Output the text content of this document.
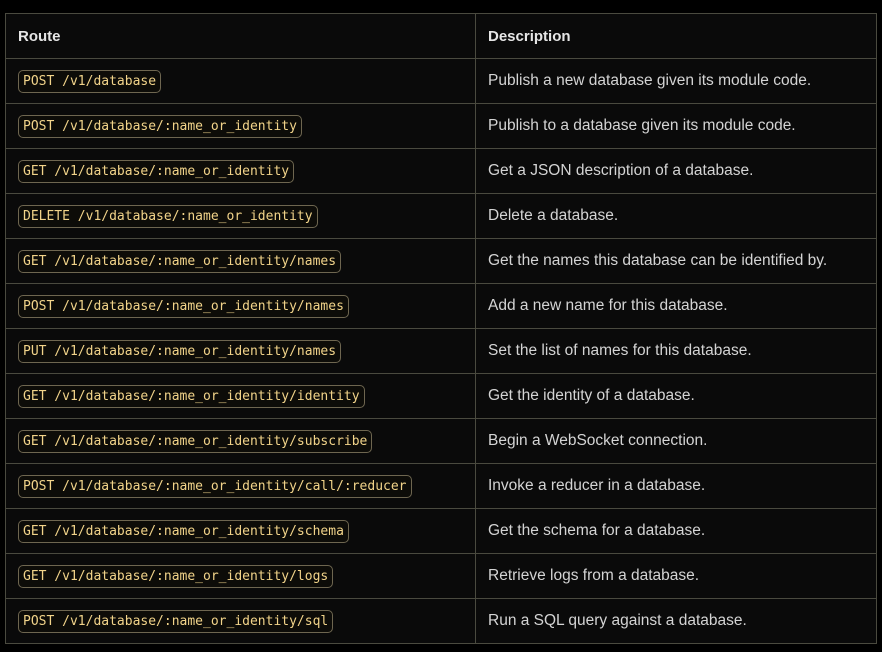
Route	Description
POST /v1/database	Publish a new database given its module code.
POST /v1/database/:name_or_identity	Publish to a database given its module code.
GET /v1/database/:name_or_identity	Get a JSON description of a database.
DELETE /v1/database/:name_or_identity	Delete a database.
GET /v1/database/:name_or_identity/names	Get the names this database can be identified by.
POST /v1/database/:name_or_identity/names	Add a new name for this database.
PUT /v1/database/:name_or_identity/names	Set the list of names for this database.
GET /v1/database/:name_or_identity/identity	Get the identity of a database.
GET /v1/database/:name_or_identity/subscribe	Begin a WebSocket connection.
POST /v1/database/:name_or_identity/call/:reducer	Invoke a reducer in a database.
GET /v1/database/:name_or_identity/schema	Get the schema for a database.
GET /v1/database/:name_or_identity/logs	Retrieve logs from a database.
POST /v1/database/:name_or_identity/sql	Run a SQL query against a database.
